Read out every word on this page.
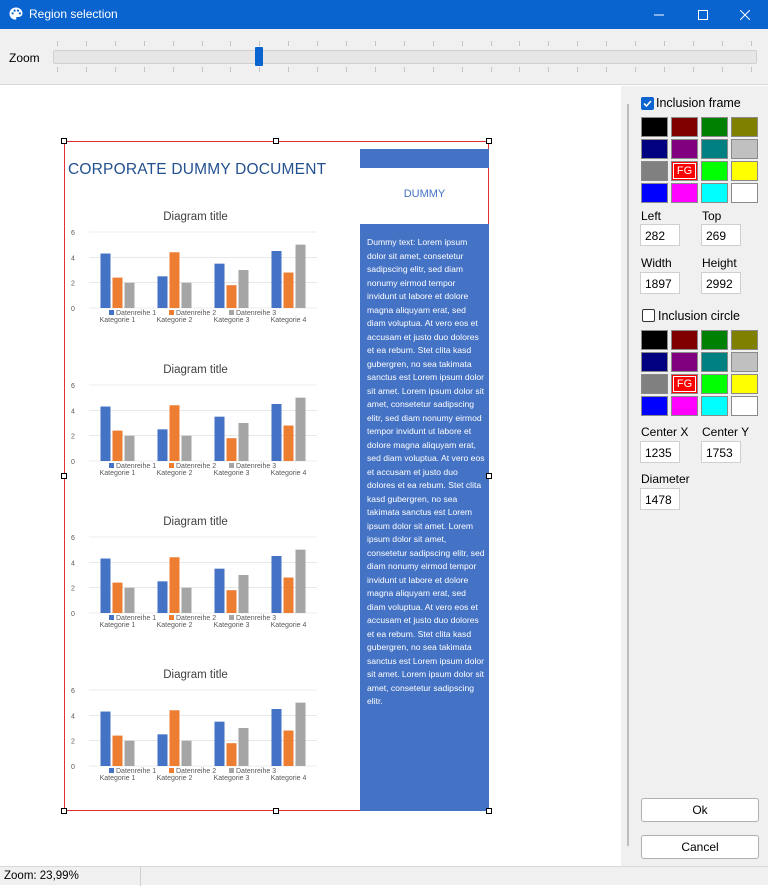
Region selection
Zoom
CORPORATE DUMMY DOCUMENT
DUMMY
Dummy text: Lorem ipsum dolor sit amet, consetetur sadipscing elitr, sed diam nonumy eirmod tempor invidunt ut labore et dolore magna aliquyam erat, sed diam voluptua. At vero eos et accusam et justo duo dolores et ea rebum. Stet clita kasd gubergren, no sea takimata sanctus est Lorem ipsum dolor sit amet. Lorem ipsum dolor sit amet, consetetur sadipscing elitr, sed diam nonumy eirmod tempor invidunt ut labore et dolore magna aliquyam erat, sed diam voluptua. At vero eos et accusam et justo duo dolores et ea rebum. Stet clita kasd gubergren, no sea takimata sanctus est Lorem ipsum dolor sit amet. Lorem ipsum dolor sit amet, consetetur sadipscing elitr, sed diam nonumy eirmod tempor invidunt ut labore et dolore magna aliquyam erat, sed diam voluptua. At vero eos et accusam et justo duo dolores et ea rebum. Stet clita kasd gubergren, no sea takimata sanctus est Lorem ipsum dolor sit amet. Lorem ipsum dolor sit amet, consetetur sadipscing elitr.
Diagram title
0
2
4
6
Kategorie 1	Kategorie 2	Kategorie 3	Kategorie 4
Datenreihe 1	Datenreihe 2	Datenreihe 3
Diagram title
0
2
4
6
Kategorie 1	Kategorie 2	Kategorie 3	Kategorie 4
Datenreihe 1	Datenreihe 2	Datenreihe 3
Diagram title
0
2
4
6
Kategorie 1	Kategorie 2	Kategorie 3	Kategorie 4
Datenreihe 1	Datenreihe 2	Datenreihe 3
Diagram title
0
2
4
6
Kategorie 1	Kategorie 2	Kategorie 3	Kategorie 4
Datenreihe 1	Datenreihe 2	Datenreihe 3
Inclusion frame
FG
Left	Top
282	269
Width	Height
1897	2992
Inclusion circle
FG
Center X Center Y
1235	1753
Diameter
1478
Ok
Cancel
Zoom: 23,99%
